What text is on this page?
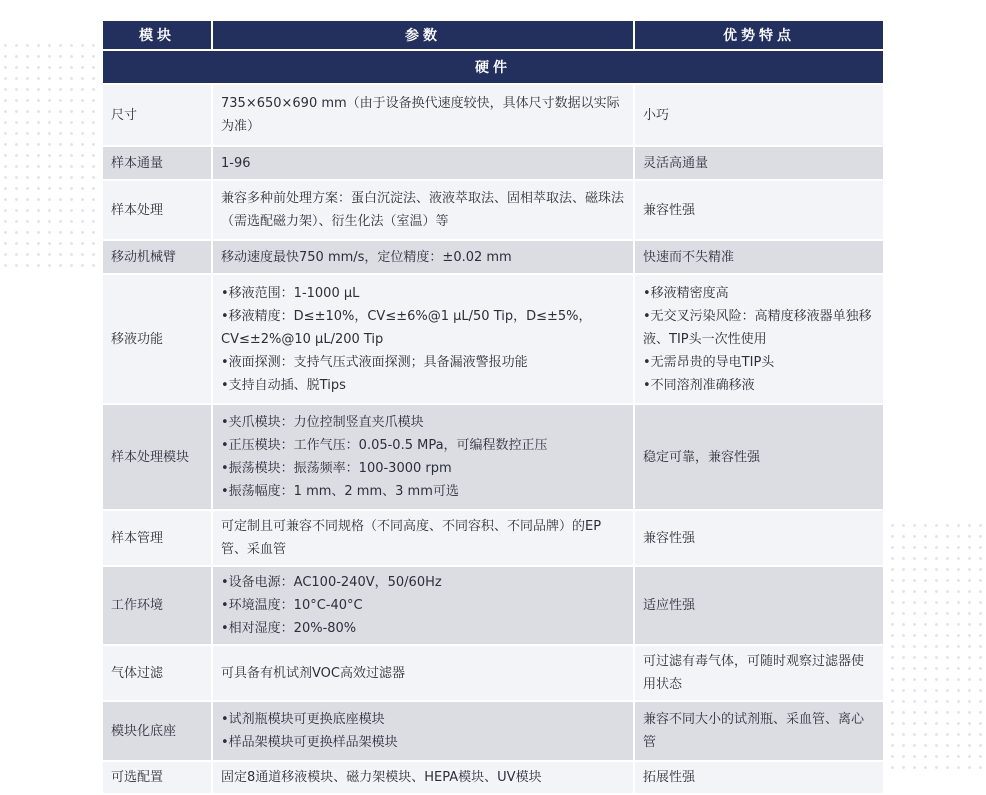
模块	参数	优势特点
硬件		
尺寸	735×650×690 mm（由于设备换代速度较快，具体尺寸数据以实际为准）	小巧

样本通量	1-96	灵活高通量

样本处理	兼容多种前处理方案：蛋白沉淀法、液液萃取法、固相萃取法、磁珠法（需选配磁力架）、衍生化法（室温）等	兼容性强

移动机械臂	移动速度最快750 mm/s，定位精度：±0.02 mm	快速而不失精准

移液功能	•移液范围：1-1000 μL
•移液精度：D≤±10%，CV≤±6%@1 μL/50 Tip，D≤±5%，CV≤±2%@10 μL/200 Tip
•液面探测：支持气压式液面探测；具备漏液警报功能
•支持自动插、脱Tips	•移液精密度高
•无交叉污染风险：高精度移液器单独移液、TIP头一次性使用
•无需昂贵的导电TIP头
•不同溶剂准确移液

样本处理模块	•夹爪模块：力位控制竖直夹爪模块
•正压模块：工作气压：0.05-0.5 MPa，可编程数控正压
•振荡模块：振荡频率：100-3000 rpm
•振荡幅度：1 mm、2 mm、3 mm可选	稳定可靠，兼容性强

样本管理	可定制且可兼容不同规格（不同高度、不同容积、不同品牌）的EP管、采血管	兼容性强

工作环境	•设备电源：AC100-240V，50/60Hz
•环境温度：10°C-40°C
•相对湿度：20%-80%	适应性强

气体过滤	可具备有机试剂VOC高效过滤器	可过滤有毒气体，可随时观察过滤器使用状态

模块化底座	•试剂瓶模块可更换底座模块
•样品架模块可更换样品架模块	兼容不同大小的试剂瓶、采血管、离心管

可选配置	固定8通道移液模块、磁力架模块、HEPA模块、UV模块	拓展性强
